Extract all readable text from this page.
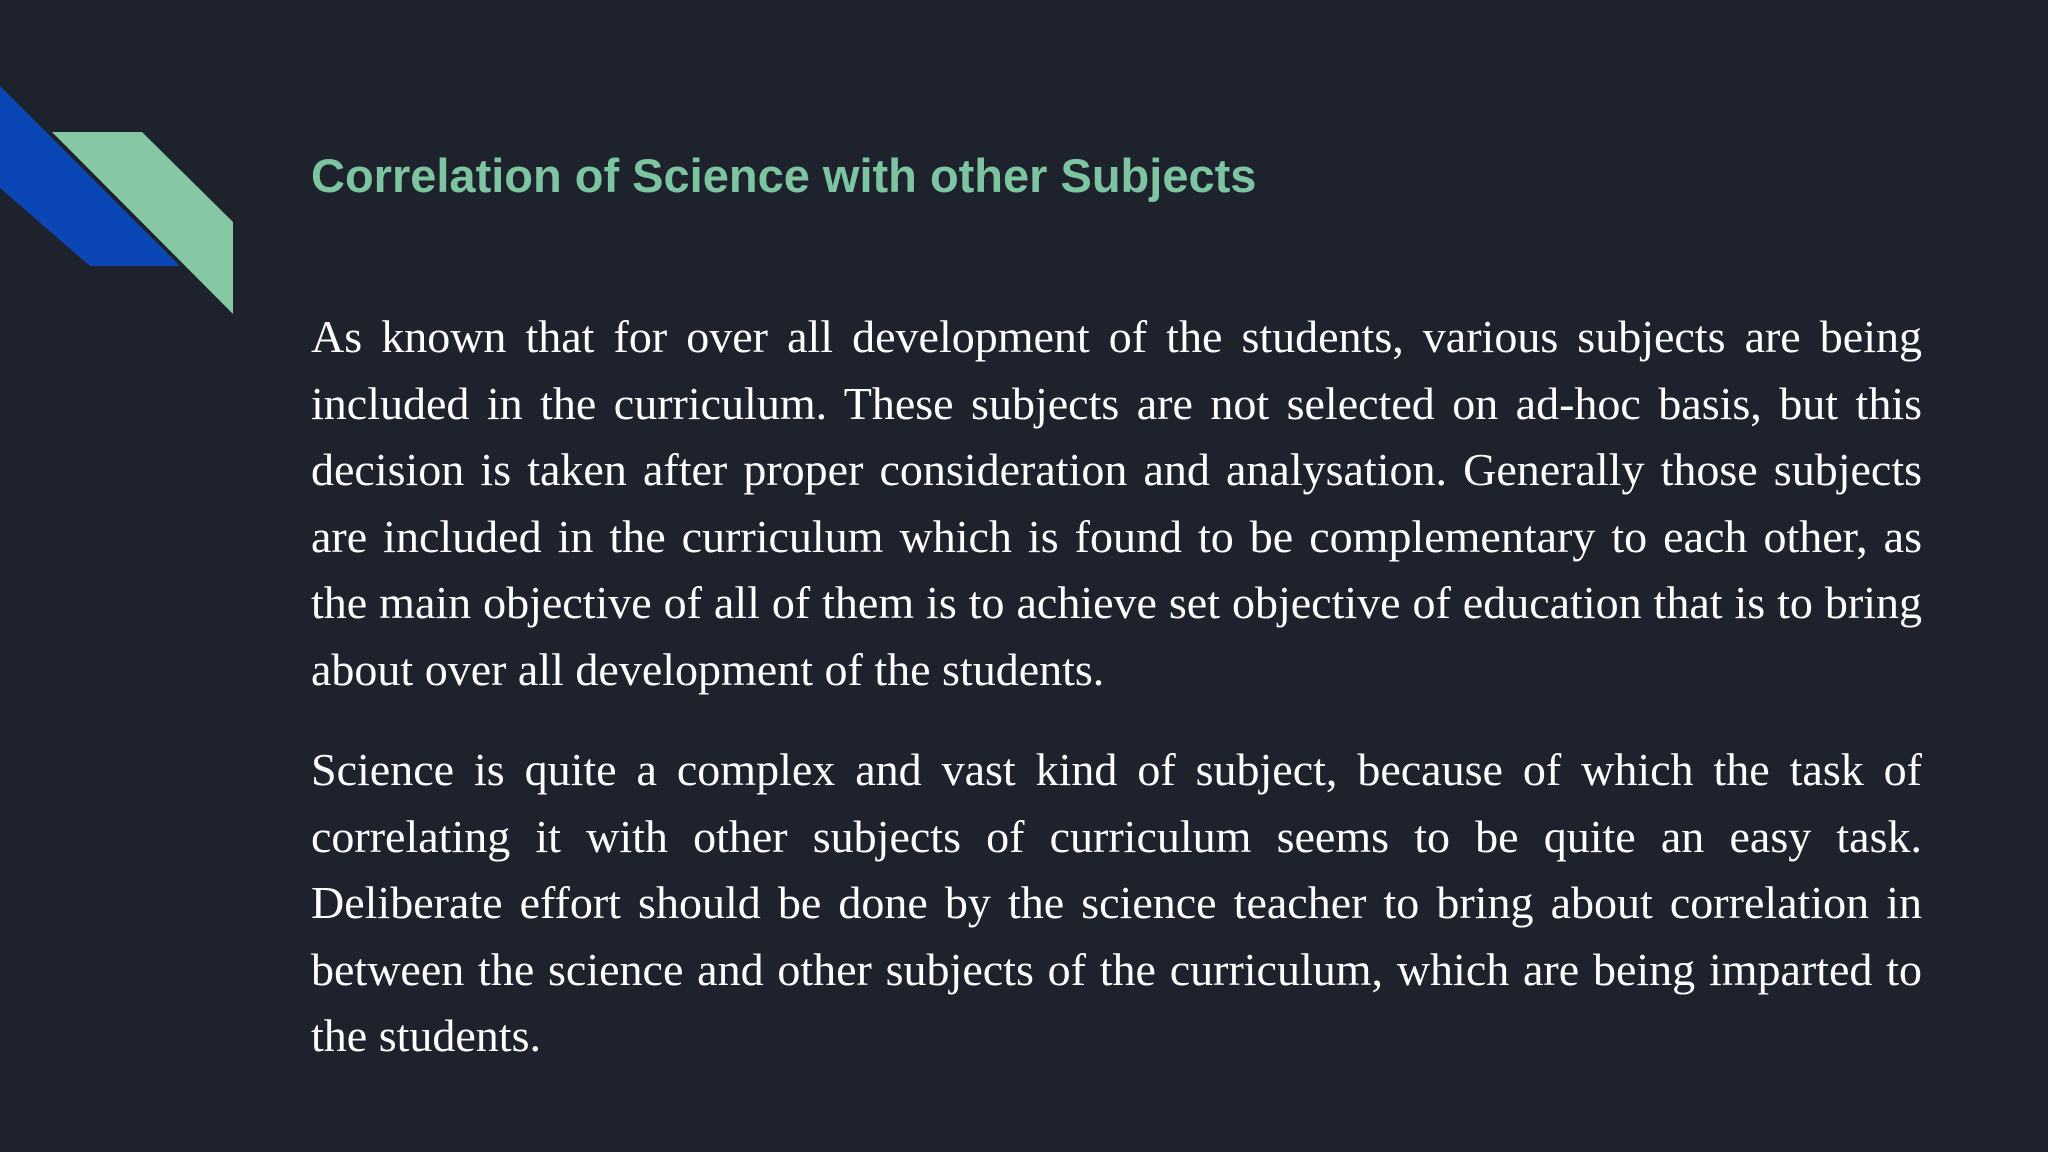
Correlation of Science with other Subjects

As known that for over all development of the students, various subjects are being included in the curriculum. These subjects are not selected on ad-hoc basis, but this decision is taken after proper consideration and analysation. Generally those subjects are included in the curriculum which is found to be complementary to each other, as the main objective of all of them is to achieve set objective of education that is to bring about over all development of the students.

Science is quite a complex and vast kind of subject, because of which the task of correlating it with other subjects of curriculum seems to be quite an easy task. Deliberate effort should be done by the science teacher to bring about correlation in between the science and other subjects of the curriculum, which are being imparted to the students.
